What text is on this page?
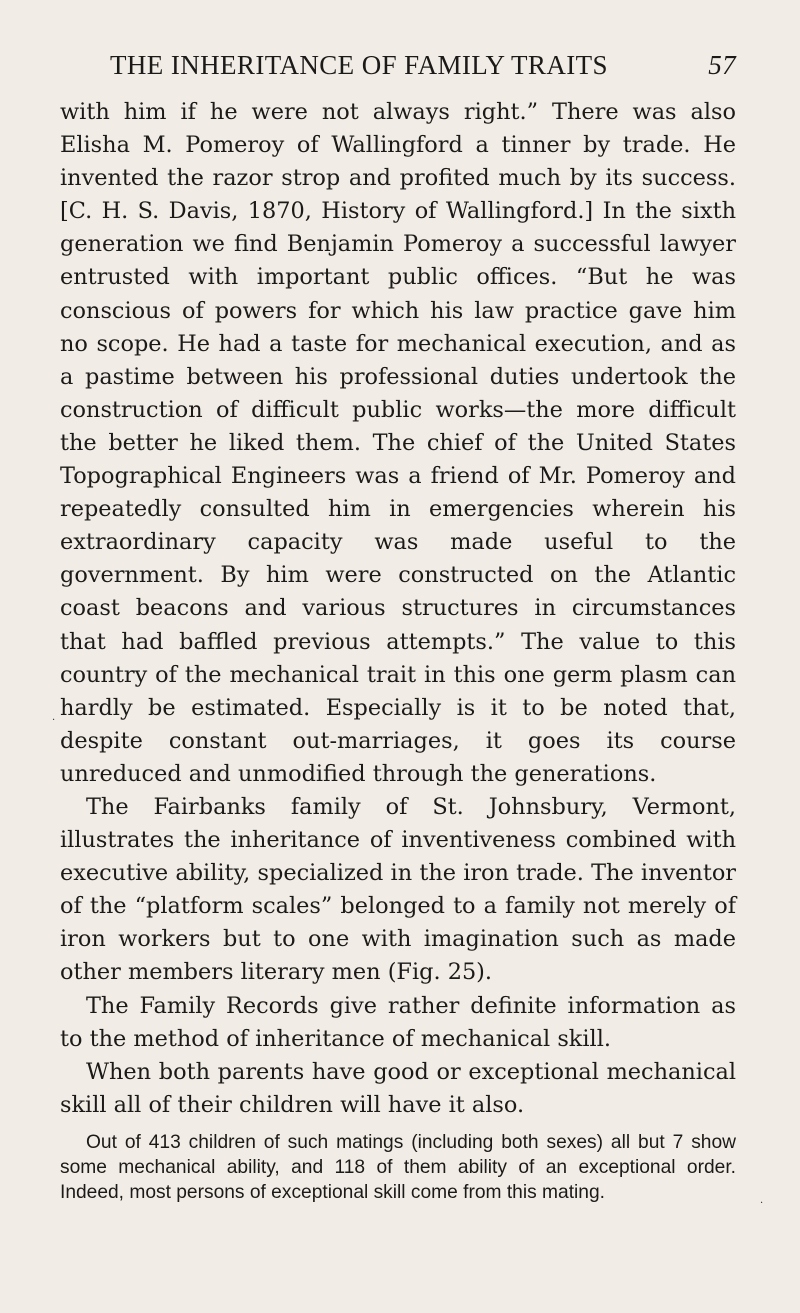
THE INHERITANCE OF FAMILY TRAITS	57

with him if he were not always right.” There was also Elisha M. Pomeroy of Wallingford a tinner by trade. He invented the razor strop and profited much by its success. [C. H. S. Davis, 1870, History of Wallingford.] In the sixth generation we find Benjamin Pomeroy a successful lawyer entrusted with important public offices. “But he was conscious of powers for which his law practice gave him no scope. He had a taste for mechanical execution, and as a pastime between his professional duties undertook the construction of difficult public works—the more difficult the better he liked them. The chief of the United States Topographical Engineers was a friend of Mr. Pomeroy and repeatedly consulted him in emergencies wherein his extraordinary capacity was made useful to the government. By him were constructed on the Atlantic coast beacons and various structures in circumstances that had baffled previous attempts.” The value to this country of the mechanical trait in this one germ plasm can hardly be estimated. Especially is it to be noted that, despite constant out-marriages, it goes its course unreduced and unmodified through the generations.

The Fairbanks family of St. Johnsbury, Vermont, illustrates the inheritance of inventiveness combined with executive ability, specialized in the iron trade. The inventor of the “platform scales” belonged to a family not merely of iron workers but to one with imagination such as made other members literary men (Fig. 25).

The Family Records give rather definite information as to the method of inheritance of mechanical skill.

When both parents have good or exceptional mechanical skill all of their children will have it also.

Out of 413 children of such matings (including both sexes) all but 7 show some mechanical ability, and 118 of them ability of an exceptional order. Indeed, most persons of exceptional skill come from this mating.

·
·
